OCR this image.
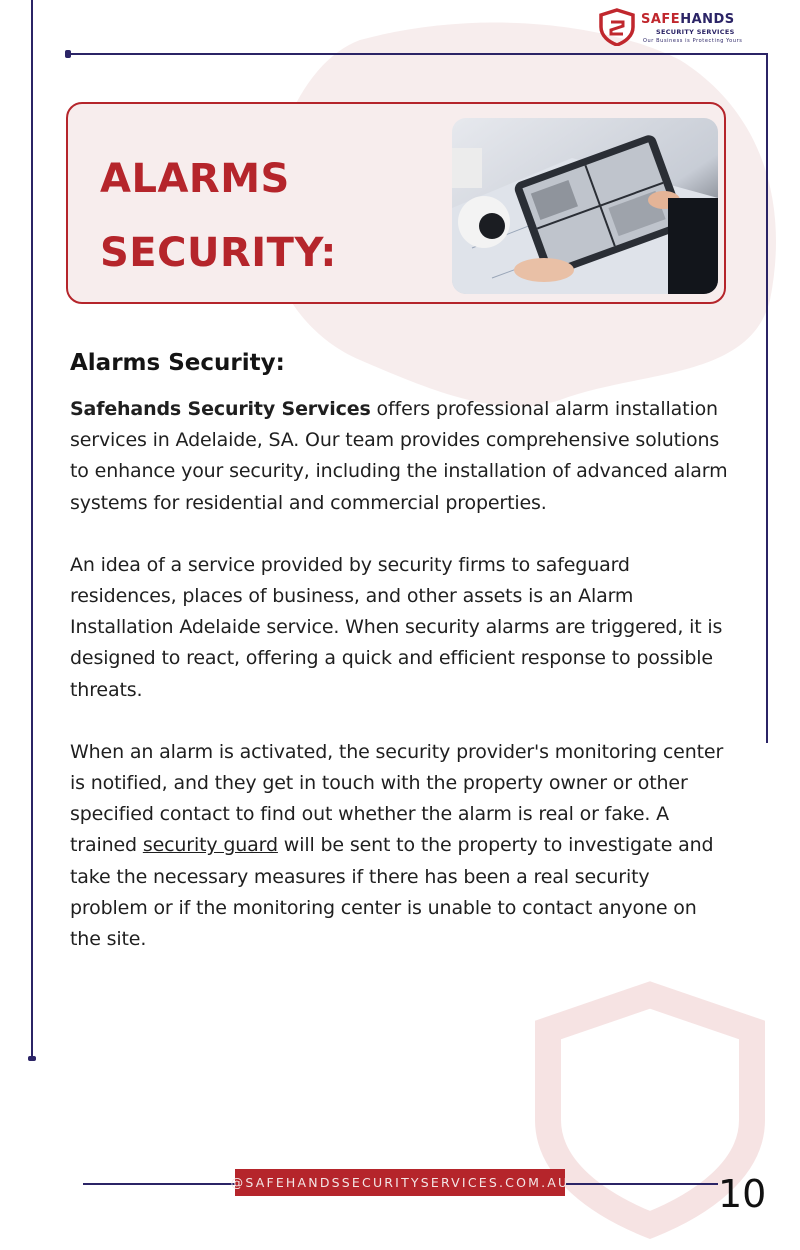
SAFEHANDS
SECURITY SERVICES
Our Business is Protecting Yours
ALARMS
SECURITY:
Alarms Security:

Safehands Security Services offers professional alarm installation services in Adelaide, SA. Our team provides comprehensive solutions to enhance your security, including the installation of advanced alarm systems for residential and commercial properties.

An idea of a service provided by security firms to safeguard residences, places of business, and other assets is an Alarm Installation Adelaide service. When security alarms are triggered, it is designed to react, offering a quick and efficient response to possible threats.

When an alarm is activated, the security provider's monitoring center is notified, and they get in touch with the property owner or other specified contact to find out whether the alarm is real or fake. A trained security guard will be sent to the property to investigate and take the necessary measures if there has been a real security problem or if the monitoring center is unable to contact anyone on the site.

@SAFEHANDSSECURITYSERVICES.COM.AU	10
